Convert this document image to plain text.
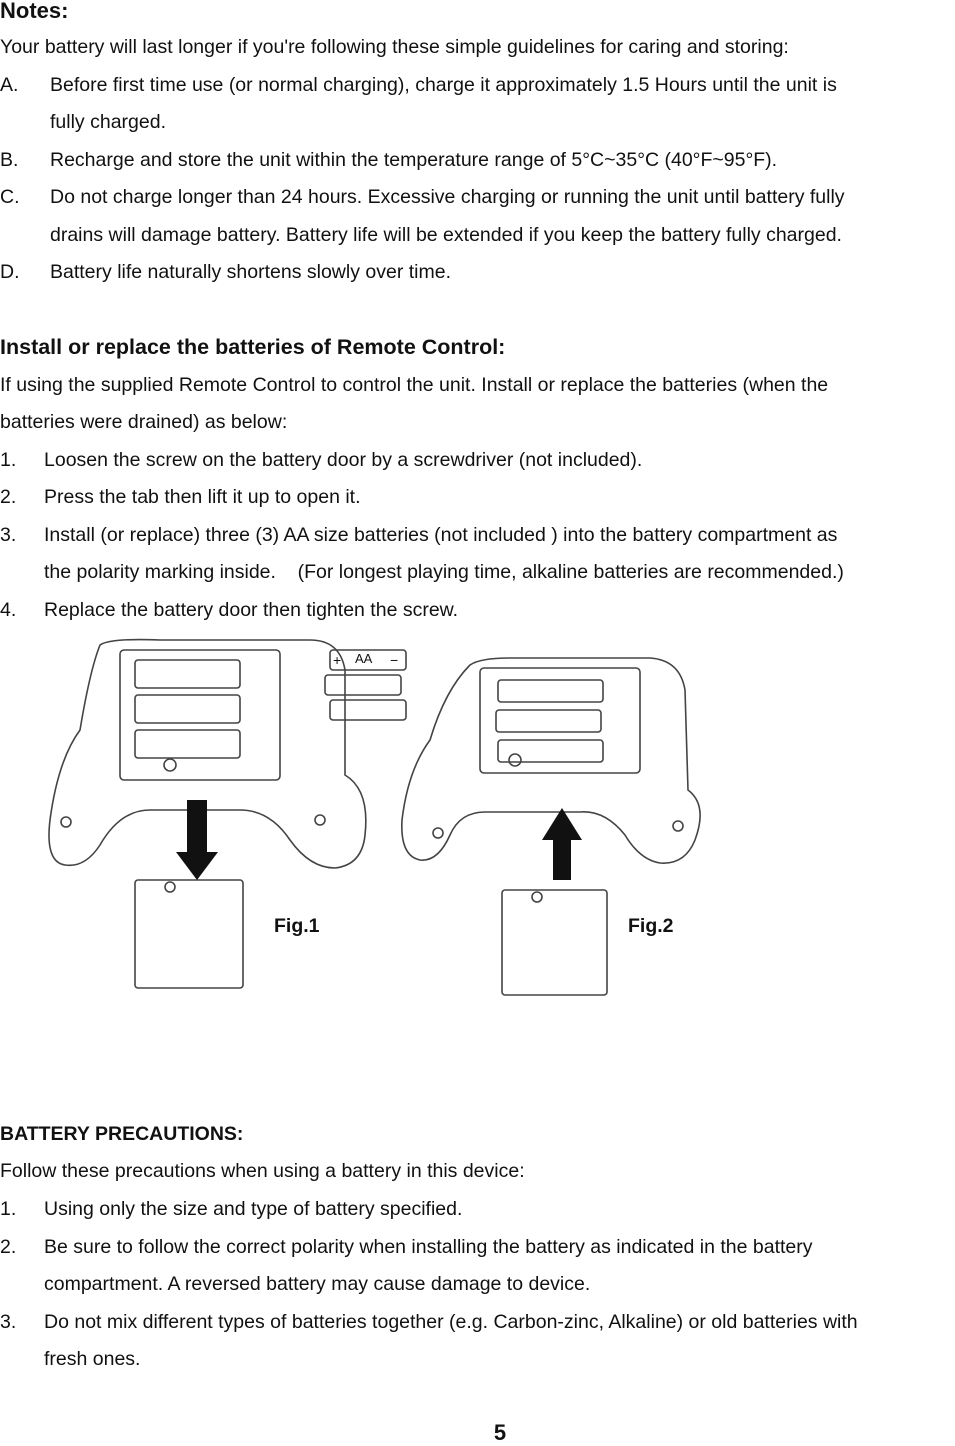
Notes:
Your battery will last longer if you're following these simple guidelines for caring and storing:
A.	Before first time use (or normal charging), charge it approximately 1.5 Hours until the unit is
fully charged.
B.	Recharge and store the unit within the temperature range of 5°C~35°C (40°F~95°F).
C.	Do not charge longer than 24 hours. Excessive charging or running the unit until battery fully
drains will damage battery. Battery life will be extended if you keep the battery fully charged.
D.	Battery life naturally shortens slowly over time.
Install or replace the batteries of Remote Control:
If using the supplied Remote Control to control the unit. Install or replace the batteries (when the
batteries were drained) as below:
1.	Loosen the screw on the battery door by a screwdriver (not included).
2.	Press the tab then lift it up to open it.
3.	Install (or replace) three (3) AA size batteries (not included ) into the battery compartment as
the polarity marking inside.    (For longest playing time, alkaline batteries are recommended.)
4.	Replace the battery door then tighten the screw.
+ AA −
Fig.1	Fig.2
BATTERY PRECAUTIONS:
Follow these precautions when using a battery in this device:
1.	Using only the size and type of battery specified.
2.	Be sure to follow the correct polarity when installing the battery as indicated in the battery
compartment. A reversed battery may cause damage to device.
3.	Do not mix different types of batteries together (e.g. Carbon-zinc, Alkaline) or old batteries with
fresh ones.
5
